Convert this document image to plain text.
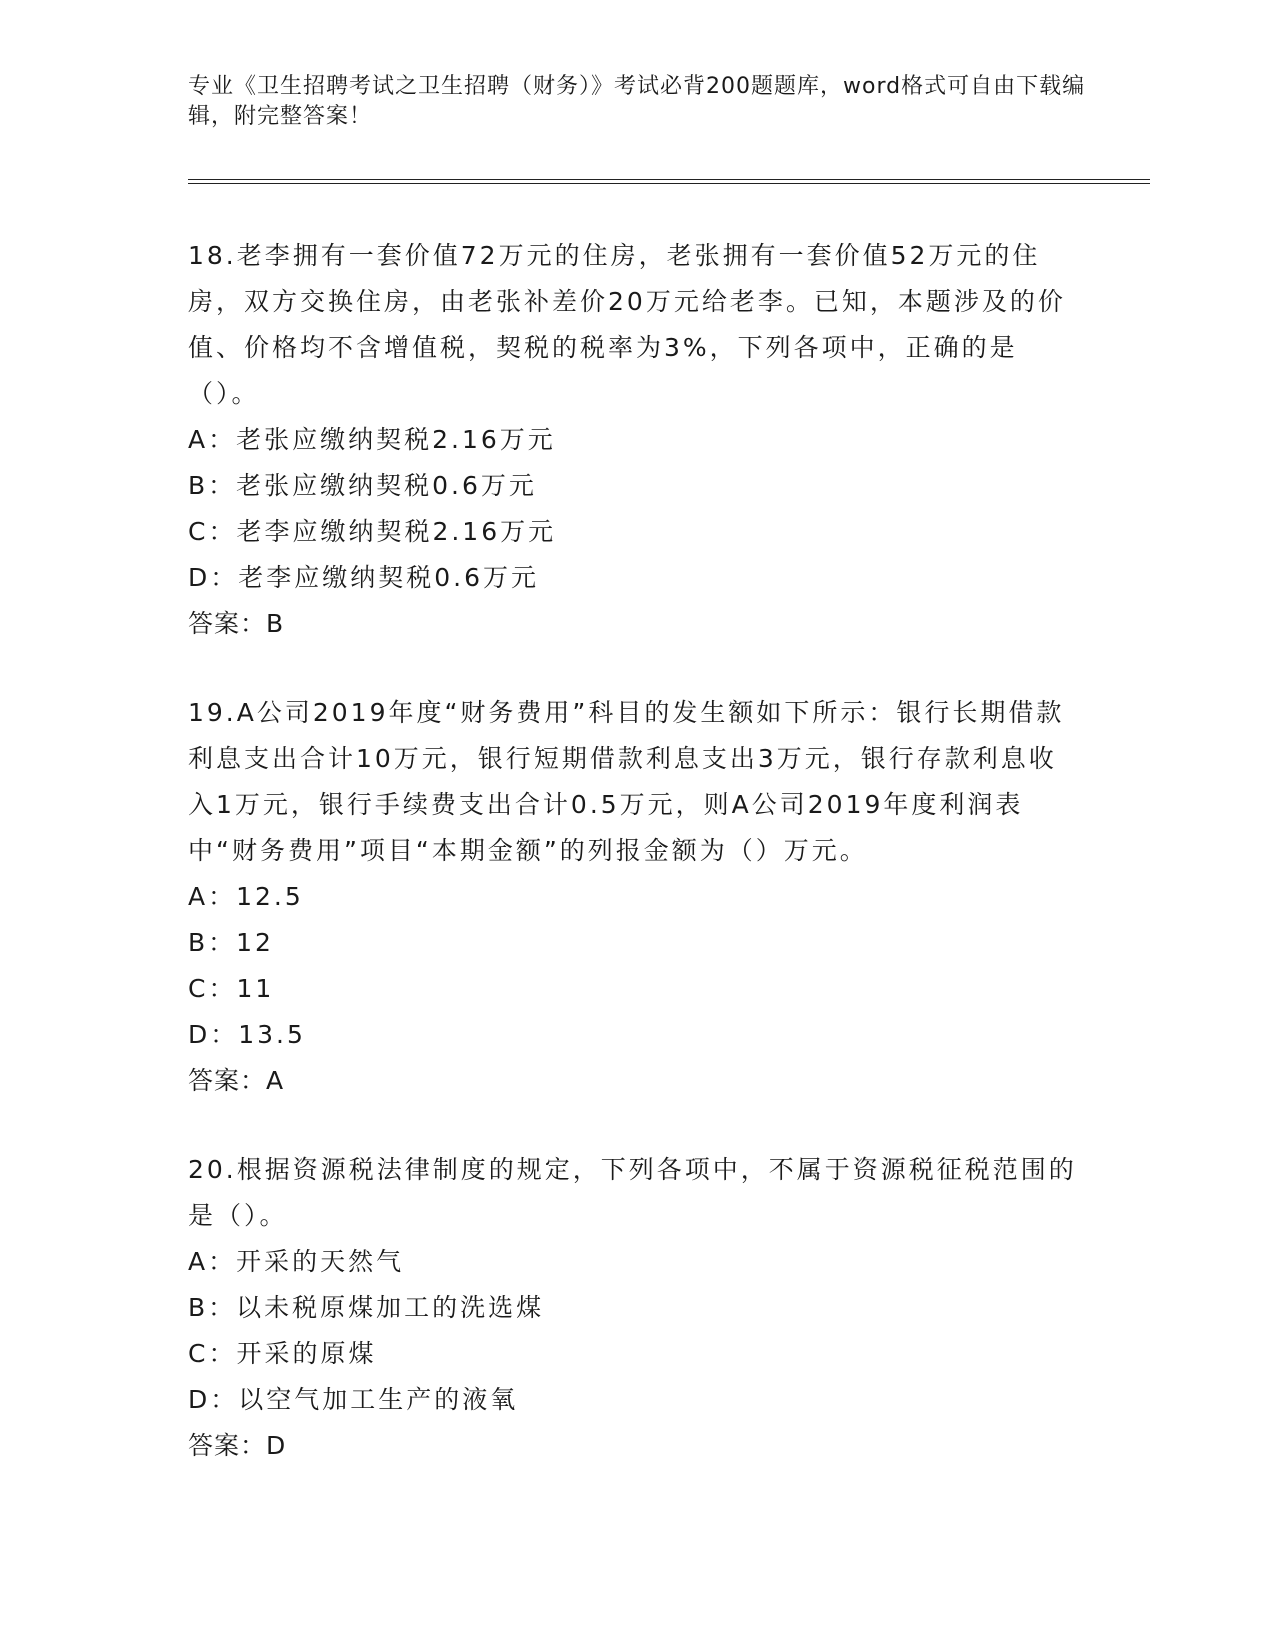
专业《卫生招聘考试之卫生招聘（财务）》考试必背200题题库，word格式可自由下载编辑，附完整答案！

18.老李拥有一套价值72万元的住房，老张拥有一套价值52万元的住房，双方交换住房，由老张补差价20万元给老李。已知，本题涉及的价值、价格均不含增值税，契税的税率为3%，下列各项中，正确的是（）。

A：老张应缴纳契税2.16万元

B：老张应缴纳契税0.6万元

C：老李应缴纳契税2.16万元

D：老李应缴纳契税0.6万元

答案：B

19.A公司2019年度“财务费用”科目的发生额如下所示：银行长期借款利息支出合计10万元，银行短期借款利息支出3万元，银行存款利息收入1万元，银行手续费支出合计0.5万元，则A公司2019年度利润表中“财务费用”项目“本期金额”的列报金额为（）万元。

A：12.5

B：12

C：11

D：13.5

答案：A

20.根据资源税法律制度的规定，下列各项中，不属于资源税征税范围的是（）。

A：开采的天然气

B：以未税原煤加工的洗选煤

C：开采的原煤

D：以空气加工生产的液氧

答案：D
